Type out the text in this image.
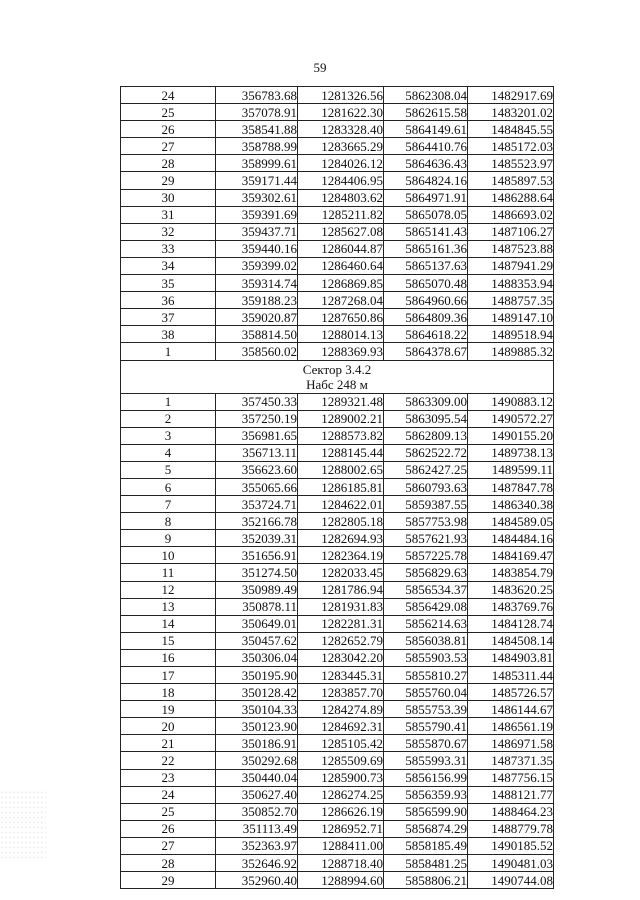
59
24	356783.68	1281326.56	5862308.04	1482917.69
25	357078.91	1281622.30	5862615.58	1483201.02
26	358541.88	1283328.40	5864149.61	1484845.55
27	358788.99	1283665.29	5864410.76	1485172.03
28	358999.61	1284026.12	5864636.43	1485523.97
29	359171.44	1284406.95	5864824.16	1485897.53
30	359302.61	1284803.62	5864971.91	1486288.64
31	359391.69	1285211.82	5865078.05	1486693.02
32	359437.71	1285627.08	5865141.43	1487106.27
33	359440.16	1286044.87	5865161.36	1487523.88
34	359399.02	1286460.64	5865137.63	1487941.29
35	359314.74	1286869.85	5865070.48	1488353.94
36	359188.23	1287268.04	5864960.66	1488757.35
37	359020.87	1287650.86	5864809.36	1489147.10
38	358814.50	1288014.13	5864618.22	1489518.94
1	358560.02	1288369.93	5864378.67	1489885.32

Сектор 3.4.2
Набс 248 м				

1	357450.33	1289321.48	5863309.00	1490883.12
2	357250.19	1289002.21	5863095.54	1490572.27
3	356981.65	1288573.82	5862809.13	1490155.20
4	356713.11	1288145.44	5862522.72	1489738.13
5	356623.60	1288002.65	5862427.25	1489599.11
6	355065.66	1286185.81	5860793.63	1487847.78
7	353724.71	1284622.01	5859387.55	1486340.38
8	352166.78	1282805.18	5857753.98	1484589.05
9	352039.31	1282694.93	5857621.93	1484484.16
10	351656.91	1282364.19	5857225.78	1484169.47
11	351274.50	1282033.45	5856829.63	1483854.79
12	350989.49	1281786.94	5856534.37	1483620.25
13	350878.11	1281931.83	5856429.08	1483769.76
14	350649.01	1282281.31	5856214.63	1484128.74
15	350457.62	1282652.79	5856038.81	1484508.14
16	350306.04	1283042.20	5855903.53	1484903.81
17	350195.90	1283445.31	5855810.27	1485311.44
18	350128.42	1283857.70	5855760.04	1485726.57
19	350104.33	1284274.89	5855753.39	1486144.67
20	350123.90	1284692.31	5855790.41	1486561.19
21	350186.91	1285105.42	5855870.67	1486971.58
22	350292.68	1285509.69	5855993.31	1487371.35
23	350440.04	1285900.73	5856156.99	1487756.15
24	350627.40	1286274.25	5856359.93	1488121.77
25	350852.70	1286626.19	5856599.90	1488464.23
26	351113.49	1286952.71	5856874.29	1488779.78
27	352363.97	1288411.00	5858185.49	1490185.52
28	352646.92	1288718.40	5858481.25	1490481.03
29	352960.40	1288994.60	5858806.21	1490744.08
